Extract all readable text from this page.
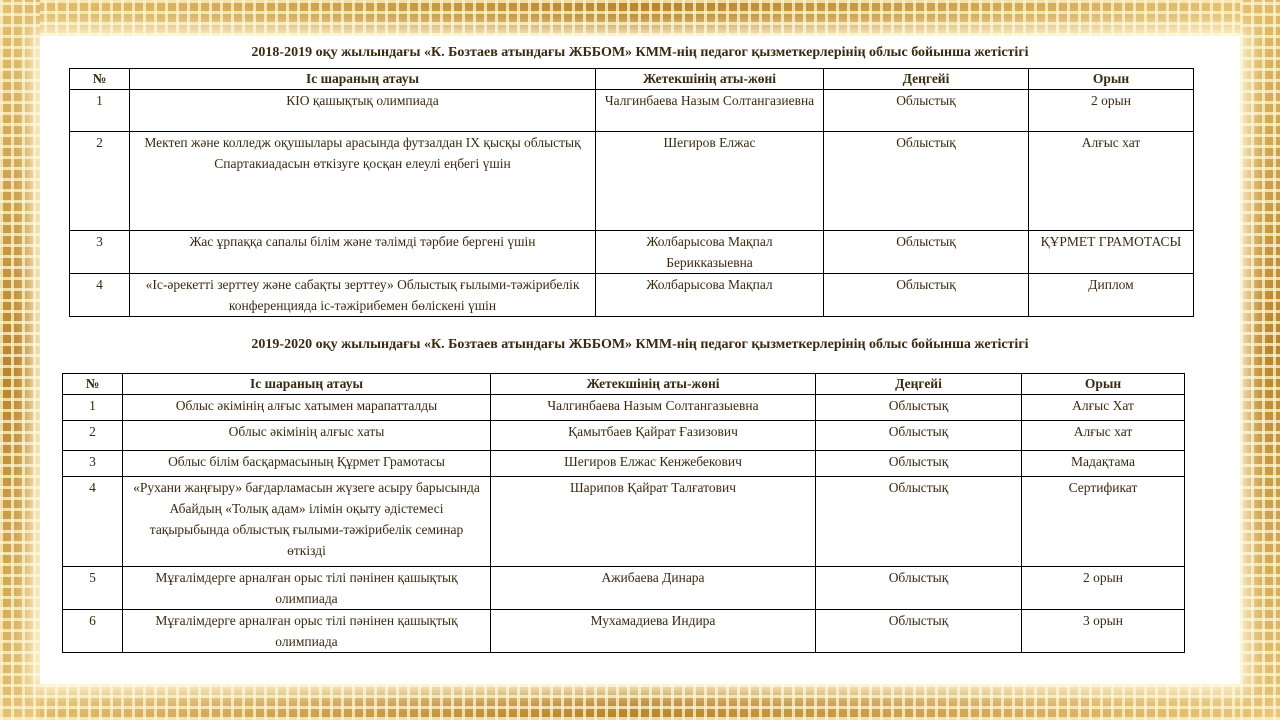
2018-2019 оқу жылындағы «К. Бозтаев атындағы ЖББОМ» КММ-нің педагог қызметкерлерінің облыс бойынша жетістігі
№	Іс шараның атауы	Жетекшінің аты-жөні	Деңгейі	Орын
1	КІО қашықтық олимпиада	Чалгинбаева Назым Солтангазиевна	Облыстық	2 орын
2	Мектеп және колледж оқушылары арасында футзалдан IX қысқы облыстық Спартакиадасын өткізуге қосқан елеулі еңбегі үшін	Шегиров Елжас	Облыстық	Алғыс хат
3	Жас ұрпаққа сапалы білім және тәлімді тәрбие бергені үшін	Жолбарысова Мақпал Берикказыевна	Облыстық	ҚҰРМЕТ ГРАМОТАСЫ
4	«Іс-әрекетті зерттеу және сабақты зерттеу» Облыстық ғылыми-тәжірибелік конференцияда іс-тәжірибемен бөліскені үшін	Жолбарысова Мақпал	Облыстық	Диплом
2019-2020 оқу жылындағы «К. Бозтаев атындағы ЖББОМ» КММ-нің педагог қызметкерлерінің облыс бойынша жетістігі
№	Іс шараның атауы	Жетекшінің аты-жөні	Деңгейі	Орын
1	Облыс әкімінің алғыс хатымен марапатталды	Чалгинбаева Назым Солтангазыевна	Облыстық	Алғыс Хат
2	Облыс әкімінің алғыс хаты	Қамытбаев Қайрат Ғазизович	Облыстық	Алғыс хат
3	Облыс білім басқармасының Құрмет Грамотасы	Шегиров Елжас Кенжебекович	Облыстық	Мадақтама
4	«Рухани жаңғыру» бағдарламасын жүзеге асыру барысында Абайдың «Толық адам» ілімін оқыту әдістемесі тақырыбында облыстық ғылыми-тәжірибелік семинар өткізді	Шарипов Қайрат Талғатович	Облыстық	Сертификат
5	Мұғалімдерге арналған орыс тілі пәнінен қашықтық олимпиада	Ажибаева Динара	Облыстық	2 орын
6	Мұғалімдерге арналған орыс тілі пәнінен қашықтық олимпиада	Мухамадиева Индира	Облыстық	3 орын
